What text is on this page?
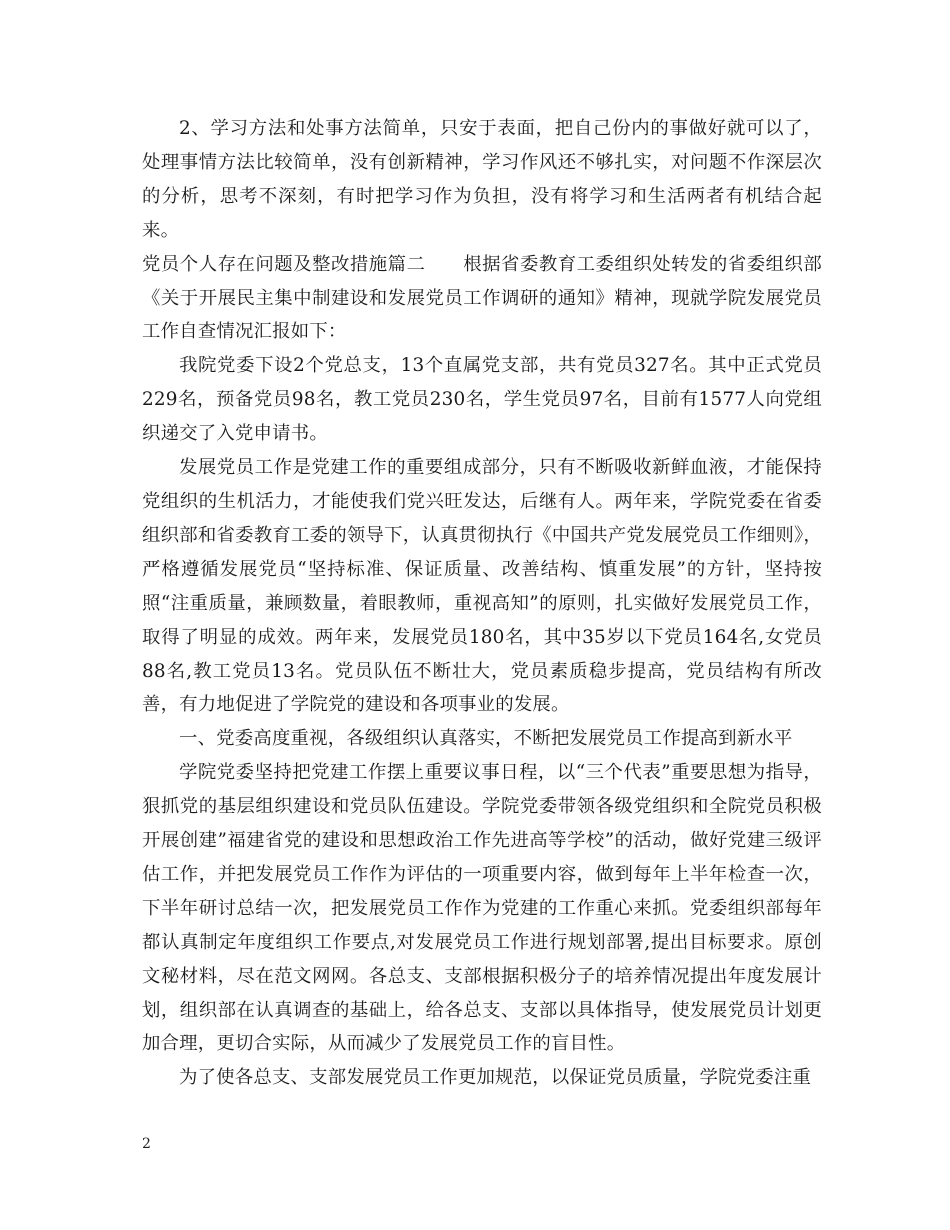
2、学习方法和处事方法简单，只安于表面，把自己份内的事做好就可以了，处理事情方法比较简单，没有创新精神，学习作风还不够扎实，对问题不作深层次的分析，思考不深刻，有时把学习作为负担，没有将学习和生活两者有机结合起来。

党员个人存在问题及整改措施篇二　　根据省委教育工委组织处转发的省委组织部《关于开展民主集中制建设和发展党员工作调研的通知》精神，现就学院发展党员工作自查情况汇报如下：

我院党委下设2个党总支，13个直属党支部，共有党员327名。其中正式党员229名，预备党员98名，教工党员230名，学生党员97名，目前有1577人向党组织递交了入党申请书。

发展党员工作是党建工作的重要组成部分，只有不断吸收新鲜血液，才能保持党组织的生机活力，才能使我们党兴旺发达，后继有人。两年来，学院党委在省委组织部和省委教育工委的领导下，认真贯彻执行《中国共产党发展党员工作细则》，严格遵循发展党员“坚持标准、保证质量、改善结构、慎重发展”的方针，坚持按照“注重质量，兼顾数量，着眼教师，重视高知”的原则，扎实做好发展党员工作，取得了明显的成效。两年来，发展党员180名，其中35岁以下党员164名,女党员88名,教工党员13名。党员队伍不断壮大，党员素质稳步提高，党员结构有所改善，有力地促进了学院党的建设和各项事业的发展。

一、党委高度重视，各级组织认真落实，不断把发展党员工作提高到新水平

学院党委坚持把党建工作摆上重要议事日程，以“三个代表”重要思想为指导，狠抓党的基层组织建设和党员队伍建设。学院党委带领各级党组织和全院党员积极开展创建”福建省党的建设和思想政治工作先进高等学校”的活动，做好党建三级评估工作，并把发展党员工作作为评估的一项重要内容，做到每年上半年检查一次，下半年研讨总结一次，把发展党员工作作为党建的工作重心来抓。党委组织部每年都认真制定年度组织工作要点,对发展党员工作进行规划部署,提出目标要求。原创文秘材料，尽在范文网网。各总支、支部根据积极分子的培养情况提出年度发展计划，组织部在认真调查的基础上，给各总支、支部以具体指导，使发展党员计划更加合理，更切合实际，从而减少了发展党员工作的盲目性。

为了使各总支、支部发展党员工作更加规范，以保证党员质量，学院党委注重

2
